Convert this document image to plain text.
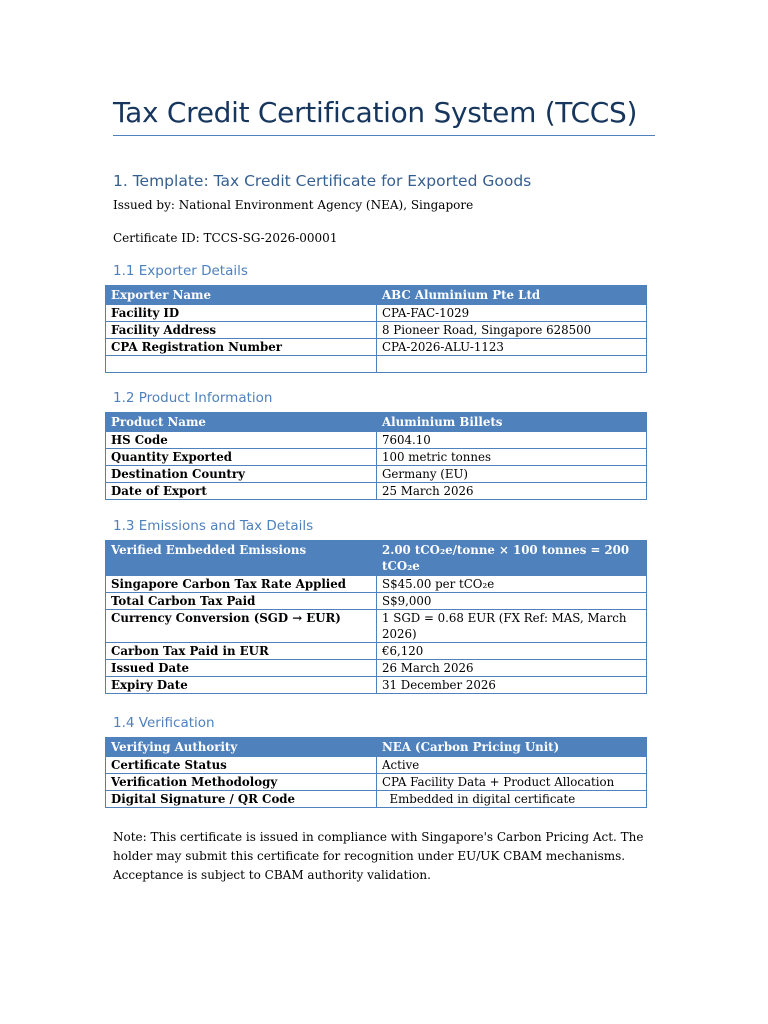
Tax Credit Certification System (TCCS)
1. Template: Tax Credit Certificate for Exported Goods
Issued by: National Environment Agency (NEA), Singapore
Certificate ID: TCCS-SG-2026-00001
1.1 Exporter Details
Exporter Name	ABC Aluminium Pte Ltd
Facility ID	CPA-FAC-1029
Facility Address	8 Pioneer Road, Singapore 628500
CPA Registration Number	CPA-2026-ALU-1123

1.2 Product Information
Product Name	Aluminium Billets
HS Code	7604.10
Quantity Exported	100 metric tonnes
Destination Country	Germany (EU)
Date of Export	25 March 2026
1.3 Emissions and Tax Details
Verified Embedded Emissions	2.00 tCO₂e/tonne × 100 tonnes = 200 tCO₂e
Singapore Carbon Tax Rate Applied	S$45.00 per tCO₂e
Total Carbon Tax Paid	S$9,000
Currency Conversion (SGD → EUR)	1 SGD = 0.68 EUR (FX Ref: MAS, March 2026)
Carbon Tax Paid in EUR	€6,120
Issued Date	26 March 2026
Expiry Date	31 December 2026
1.4 Verification
Verifying Authority	NEA (Carbon Pricing Unit)
Certificate Status	Active
Verification Methodology	CPA Facility Data + Product Allocation
Digital Signature / QR Code	Embedded in digital certificate
Note: This certificate is issued in compliance with Singapore's Carbon Pricing Act. The
holder may submit this certificate for recognition under EU/UK CBAM mechanisms.
Acceptance is subject to CBAM authority validation.
